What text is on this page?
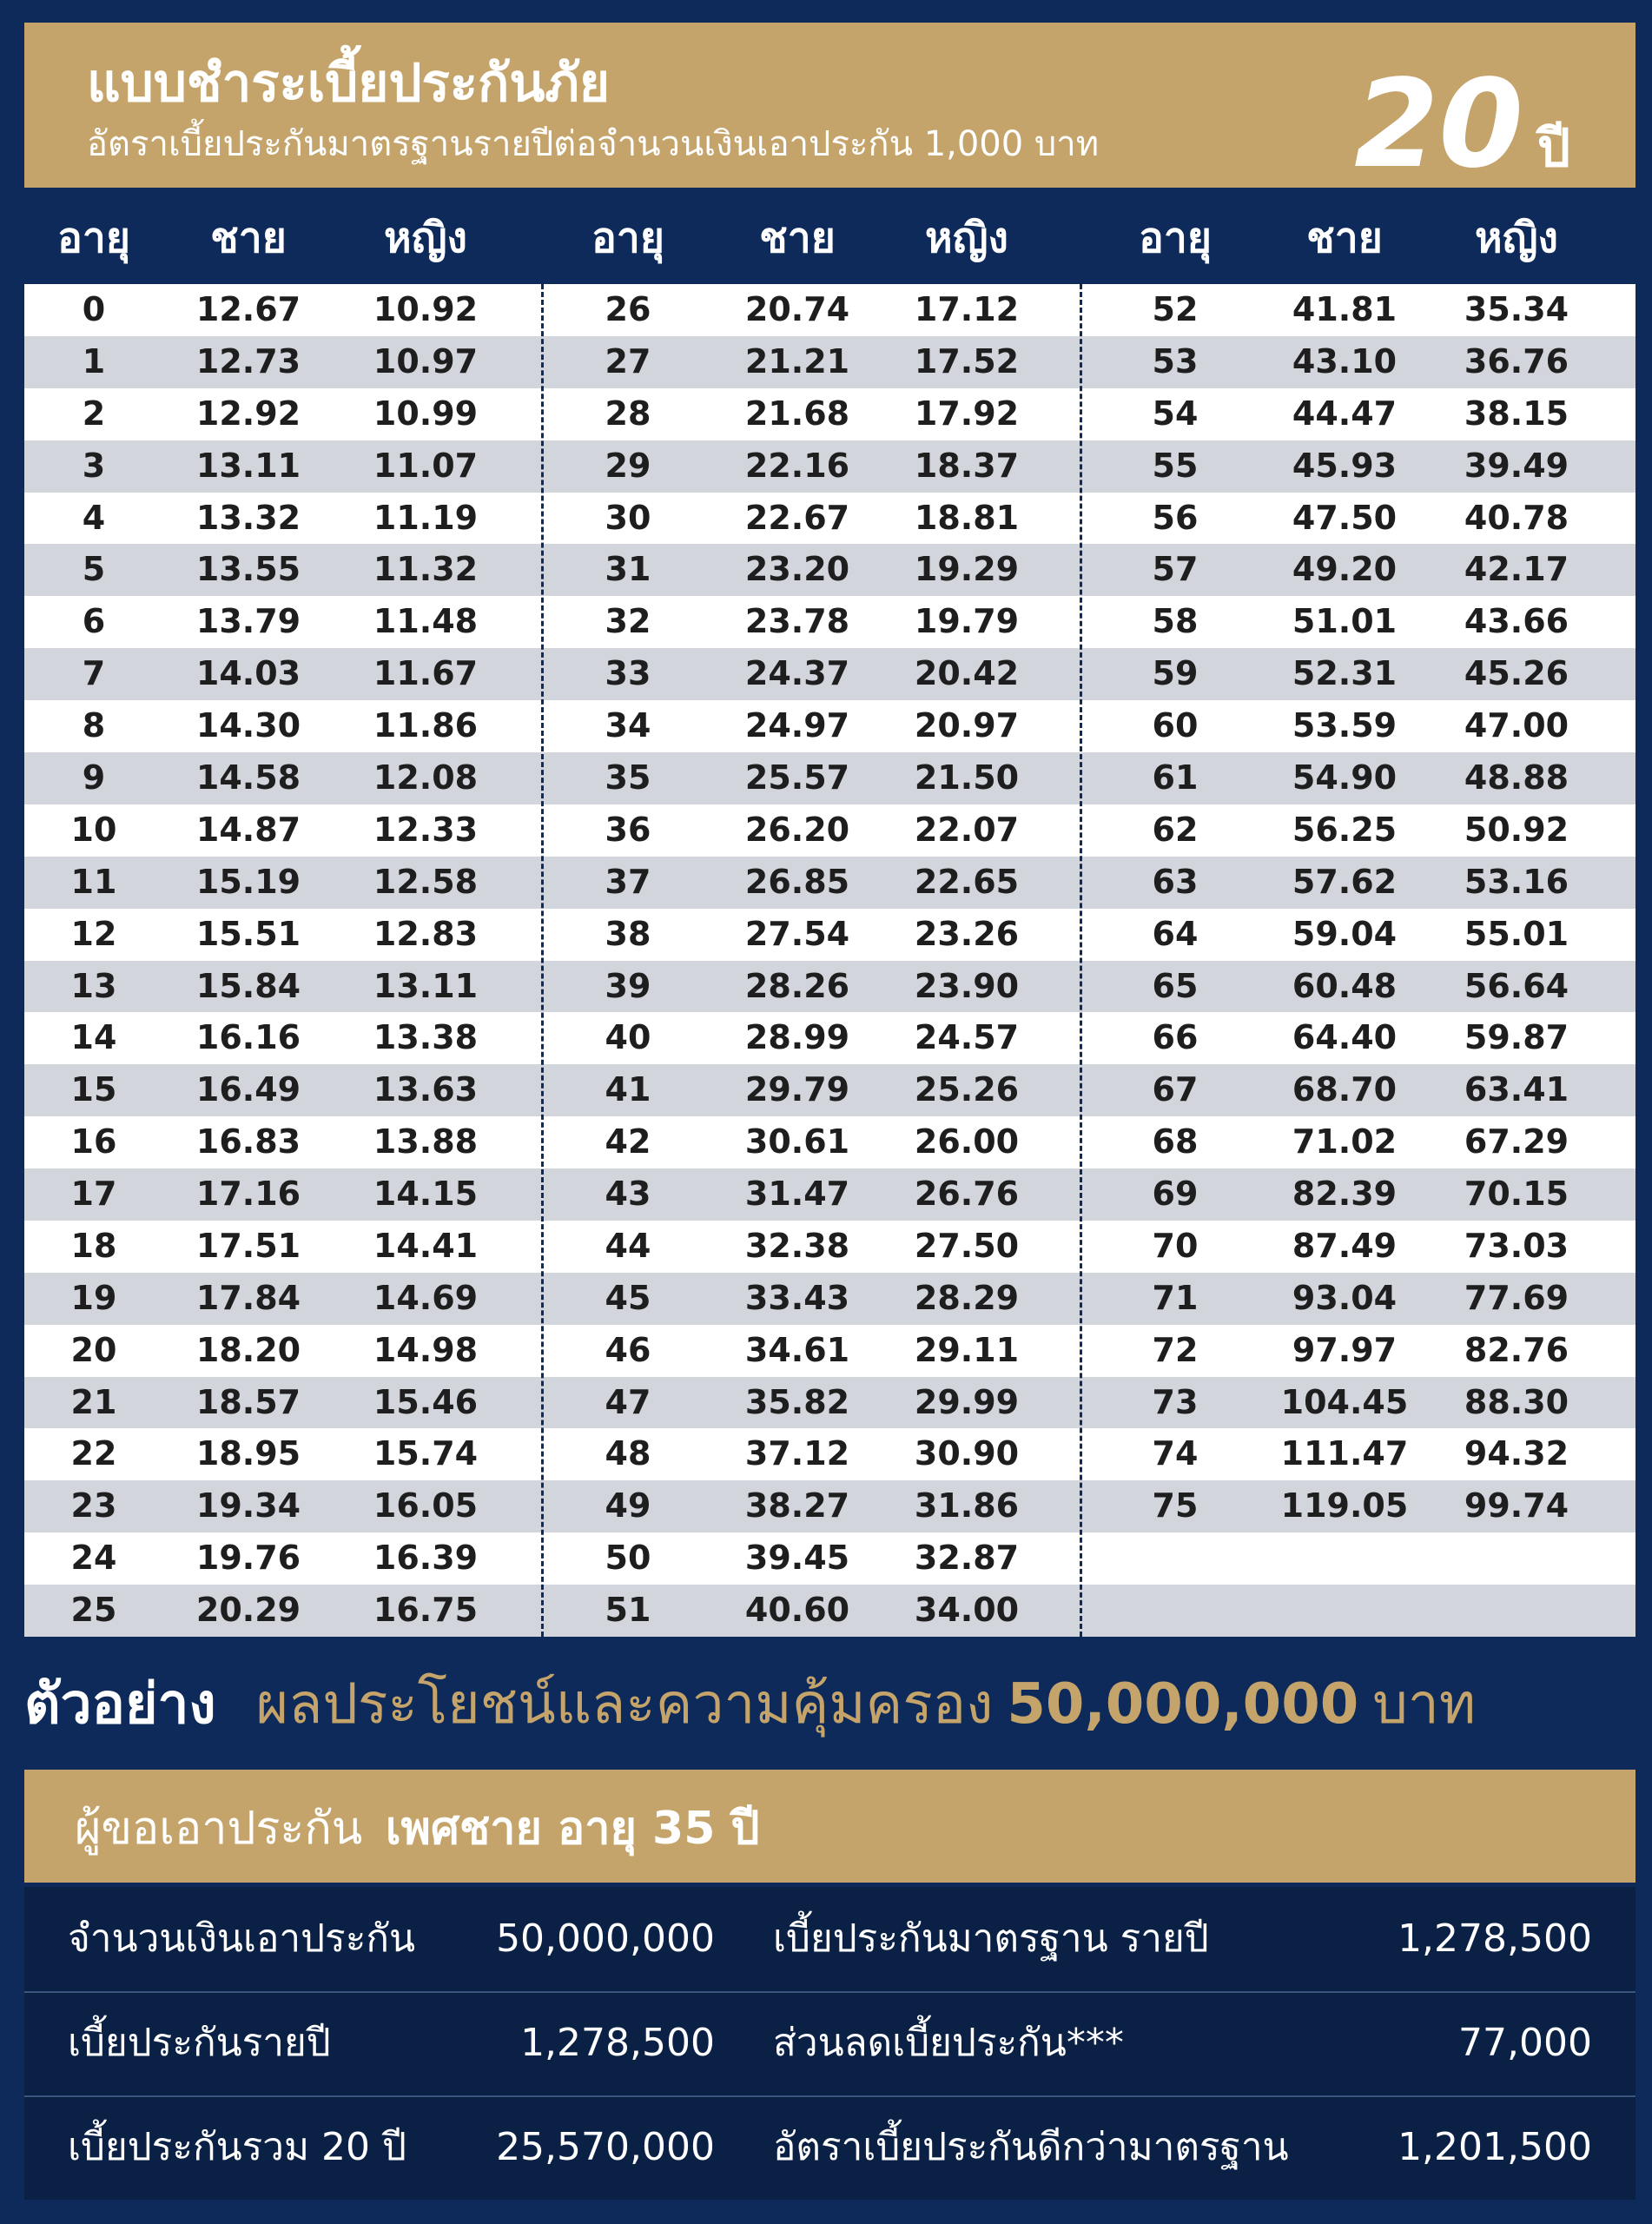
แบบชำระเบี้ยประกันภัย
อัตราเบี้ยประกันมาตรฐานรายปีต่อจำนวนเงินเอาประกัน 1,000 บาท 20 ปี
อายุ	ชาย	หญิง	อายุ	ชาย	หญิง	อายุ	ชาย	หญิง
0	12.67	10.92
1	12.73	10.97
2	12.92	10.99
3	13.11	11.07
4	13.32	11.19
5	13.55	11.32
6	13.79	11.48
7	14.03	11.67
8	14.30	11.86
9	14.58	12.08
10	14.87	12.33
11	15.19	12.58
12	15.51	12.83
13	15.84	13.11
14	16.16	13.38
15	16.49	13.63
16	16.83	13.88
17	17.16	14.15
18	17.51	14.41
19	17.84	14.69
20	18.20	14.98
21	18.57	15.46
22	18.95	15.74
23	19.34	16.05
24	19.76	16.39
25	20.29	16.75
26	20.74	17.12
27	21.21	17.52
28	21.68	17.92
29	22.16	18.37
30	22.67	18.81
31	23.20	19.29
32	23.78	19.79
33	24.37	20.42
34	24.97	20.97
35	25.57	21.50
36	26.20	22.07
37	26.85	22.65
38	27.54	23.26
39	28.26	23.90
40	28.99	24.57
41	29.79	25.26
42	30.61	26.00
43	31.47	26.76
44	32.38	27.50
45	33.43	28.29
46	34.61	29.11
47	35.82	29.99
48	37.12	30.90
49	38.27	31.86
50	39.45	32.87
51	40.60	34.00
52	41.81	35.34
53	43.10	36.76
54	44.47	38.15
55	45.93	39.49
56	47.50	40.78
57	49.20	42.17
58	51.01	43.66
59	52.31	45.26
60	53.59	47.00
61	54.90	48.88
62	56.25	50.92
63	57.62	53.16
64	59.04	55.01
65	60.48	56.64
66	64.40	59.87
67	68.70	63.41
68	71.02	67.29
69	82.39	70.15
70	87.49	73.03
71	93.04	77.69
72	97.97	82.76
73	104.45	88.30
74	111.47	94.32
75	119.05	99.74
ตัวอย่าง ผลประโยชน์และความคุ้มครอง 50,000,000 บาท
ผู้ขอเอาประกัน เพศชาย อายุ 35 ปี
จำนวนเงินเอาประกัน 50,000,000 เบี้ยประกันมาตรฐาน รายปี	1,278,500
เบี้ยประกันรายปี	1,278,500 ส่วนลดเบี้ยประกัน***	77,000
เบี้ยประกันรวม 20 ปี 25,570,000 อัตราเบี้ยประกันดีกว่ามาตรฐาน	1,201,500
